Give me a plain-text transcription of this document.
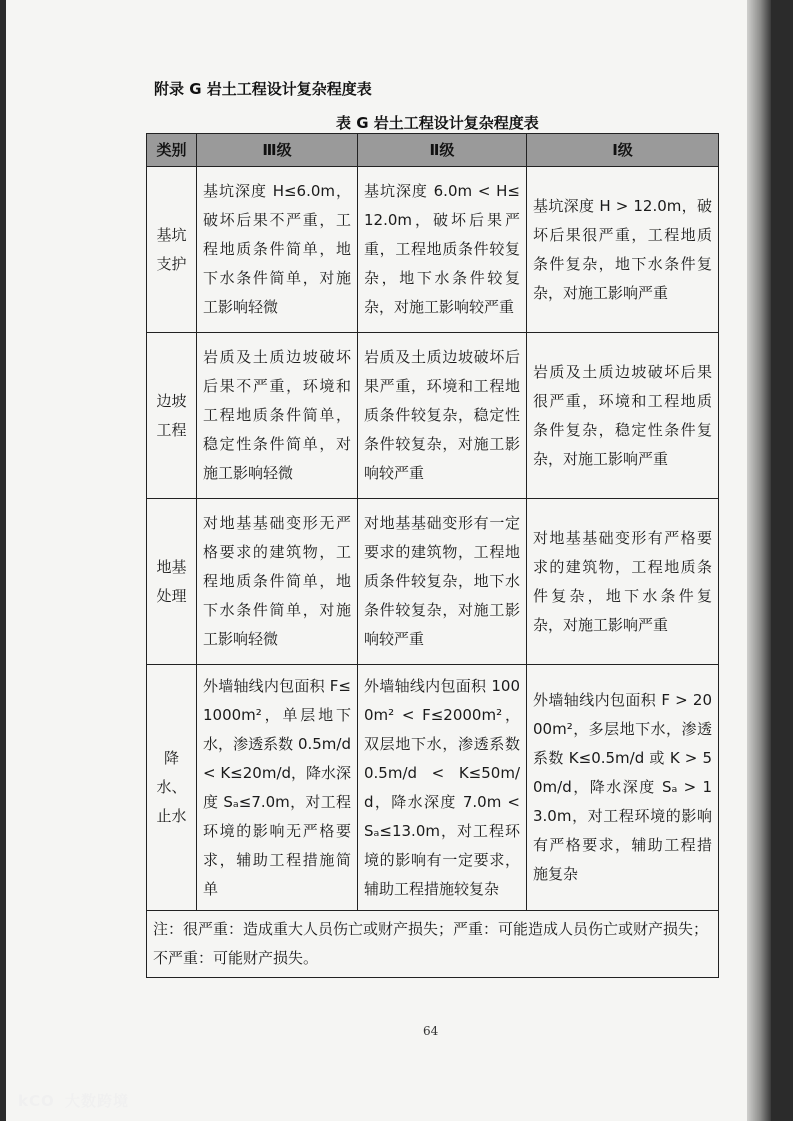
附录 G 岩土工程设计复杂程度表
表 G 岩土工程设计复杂程度表
类别	Ⅲ级	Ⅱ级	Ⅰ级
基坑支护	基坑深度 H≤6.0m，破坏后果不严重，工程地质条件简单，地下水条件简单，对施工影响轻微	基坑深度 6.0m < H≤12.0m，破坏后果严重，工程地质条件较复杂，地下水条件较复杂，对施工影响较严重	基坑深度 H > 12.0m，破坏后果很严重，工程地质条件复杂，地下水条件复杂，对施工影响严重
边坡工程	岩质及土质边坡破坏后果不严重，环境和工程地质条件简单，稳定性条件简单，对施工影响轻微	岩质及土质边坡破坏后果严重，环境和工程地质条件较复杂，稳定性条件较复杂，对施工影响较严重	岩质及土质边坡破坏后果很严重，环境和工程地质条件复杂，稳定性条件复杂，对施工影响严重
地基处理	对地基基础变形无严格要求的建筑物，工程地质条件简单，地下水条件简单，对施工影响轻微	对地基基础变形有一定要求的建筑物，工程地质条件较复杂，地下水条件较复杂，对施工影响较严重	对地基基础变形有严格要求的建筑物，工程地质条件复杂，地下水条件复杂，对施工影响严重
降水、止水	外墙轴线内包面积 F≤1000m²，单层地下水，渗透系数 0.5m/d < K≤20m/d，降水深度 Sₐ≤7.0m，对工程环境的影响无严格要求，辅助工程措施简单	外墙轴线内包面积 1000m² < F≤2000m²，双层地下水，渗透系数 0.5m/d < K≤50m/d，降水深度 7.0m < Sₐ≤13.0m，对工程环境的影响有一定要求，辅助工程措施较复杂	外墙轴线内包面积 F > 2000m²，多层地下水，渗透系数 K≤0.5m/d 或 K > 50m/d，降水深度 Sₐ > 13.0m，对工程环境的影响有严格要求，辅助工程措施复杂
注：很严重：造成重大人员伤亡或财产损失；严重：可能造成人员伤亡或财产损失；不严重：可能财产损失。			
64
kCO 大数跨境
